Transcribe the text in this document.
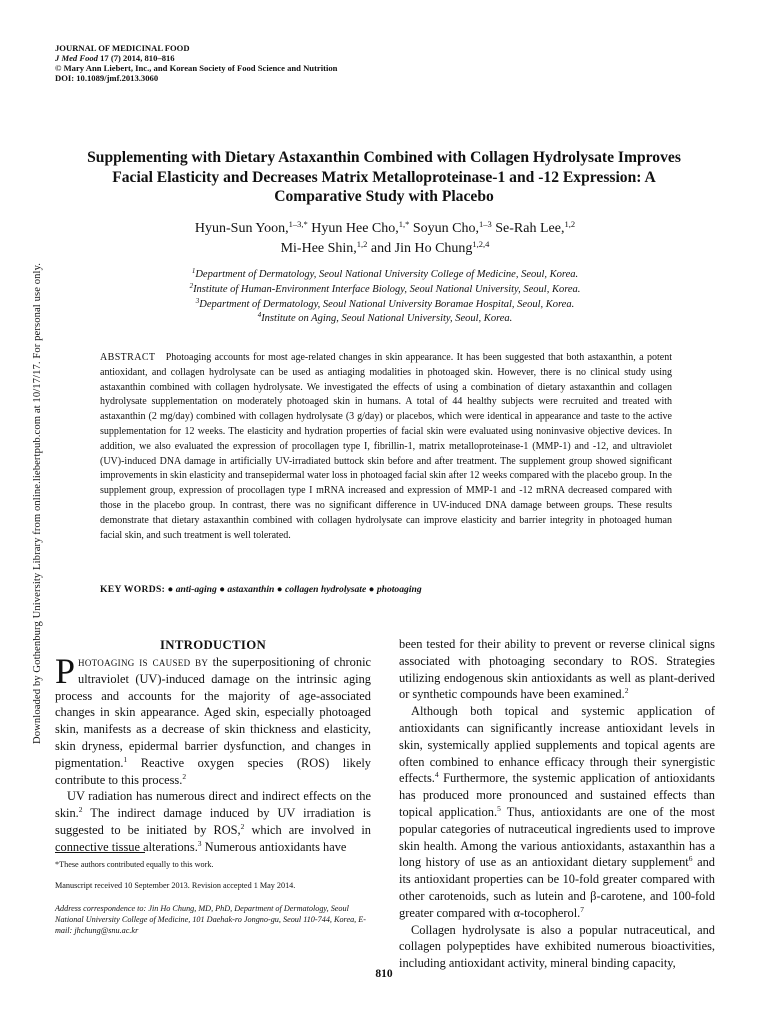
JOURNAL OF MEDICINAL FOOD
J Med Food 17 (7) 2014, 810–816
© Mary Ann Liebert, Inc., and Korean Society of Food Science and Nutrition
DOI: 10.1089/jmf.2013.3060
Downloaded by Gothenburg University Library from online.liebertpub.com at 10/17/17. For personal use only.
Supplementing with Dietary Astaxanthin Combined with Collagen Hydrolysate Improves Facial Elasticity and Decreases Matrix Metalloproteinase-1 and -12 Expression: A Comparative Study with Placebo
Hyun-Sun Yoon,$^{1-3,*}$ Hyun Hee Cho,$^{1,*}$ Soyun Cho,$^{1-3}$ Se-Rah Lee,$^{1,2}$
Mi-Hee Shin,$^{1,2}$ and Jin Ho Chung$^{1,2,4}$
$^1$Department of Dermatology, Seoul National University College of Medicine, Seoul, Korea.
$^2$Institute of Human-Environment Interface Biology, Seoul National University, Seoul, Korea.
$^3$Department of Dermatology, Seoul National University Boramae Hospital, Seoul, Korea.
$^4$Institute on Aging, Seoul National University, Seoul, Korea.
ABSTRACT Photoaging accounts for most age-related changes in skin appearance. It has been suggested that both astaxanthin, a potent antioxidant, and collagen hydrolysate can be used as antiaging modalities in photoaged skin. However, there is no clinical study using astaxanthin combined with collagen hydrolysate. We investigated the effects of using a combination of dietary astaxanthin and collagen hydrolysate supplementation on moderately photoaged skin in humans. A total of 44 healthy subjects were recruited and treated with astaxanthin (2 mg/day) combined with collagen hydrolysate (3 g/day) or placebos, which were identical in appearance and taste to the active supplementation for 12 weeks. The elasticity and hydration properties of facial skin were evaluated using noninvasive objective devices. In addition, we also evaluated the expression of procollagen type I, fibrillin-1, matrix metalloproteinase-1 (MMP-1) and -12, and ultraviolet (UV)-induced DNA damage in artificially UV-irradiated buttock skin before and after treatment. The supplement group showed significant improvements in skin elasticity and transepidermal water loss in photoaged facial skin after 12 weeks compared with the placebo group. In the supplement group, expression of procollagen type I mRNA increased and expression of MMP-1 and -12 mRNA decreased compared with those in the placebo group. In contrast, there was no significant difference in UV-induced DNA damage between groups. These results demonstrate that dietary astaxanthin combined with collagen hydrolysate can improve elasticity and barrier integrity in photoaged human facial skin, and such treatment is well tolerated.
KEY WORDS: ● anti-aging ● astaxanthin ● collagen hydrolysate ● photoaging
INTRODUCTION

Photoaging is caused by the superpositioning of chronic ultraviolet (UV)-induced damage on the intrinsic aging process and accounts for the majority of age-associated changes in skin appearance. Aged skin, especially photoaged skin, manifests as a decrease of skin thickness and elasticity, skin dryness, epidermal barrier dysfunction, and changes in pigmentation.$^1$ Reactive oxygen species (ROS) likely contribute to this process.$^2$

UV radiation has numerous direct and indirect effects on the skin.$^2$ The indirect damage induced by UV irradiation is suggested to be initiated by ROS,$^2$ which are involved in connective tissue alterations.$^3$ Numerous antioxidants have

*These authors contributed equally to this work.
Manuscript received 10 September 2013. Revision accepted 1 May 2014.
Address correspondence to: Jin Ho Chung, MD, PhD, Department of Dermatology, Seoul National University College of Medicine, 101 Daehak-ro Jongno-gu, Seoul 110-744, Korea, E-mail: jhchung@snu.ac.kr

been tested for their ability to prevent or reverse clinical signs associated with photoaging secondary to ROS. Strategies utilizing endogenous skin antioxidants as well as plant-derived or synthetic compounds have been examined.$^2$

Although both topical and systemic application of antioxidants can significantly increase antioxidant levels in skin, systemically applied supplements and topical agents are often combined to enhance efficacy through their synergistic effects.$^4$ Furthermore, the systemic application of antioxidants has produced more pronounced and sustained effects than topical application.$^5$ Thus, antioxidants are one of the most popular categories of nutraceutical ingredients used to improve skin health. Among the various antioxidants, astaxanthin has a long history of use as an antioxidant dietary supplement$^6$ and its antioxidant properties can be 10-fold greater compared with other carotenoids, such as lutein and β-carotene, and 100-fold greater compared with α-tocopherol.$^7$

Collagen hydrolysate is also a popular nutraceutical, and collagen polypeptides have exhibited numerous bioactivities, including antioxidant activity, mineral binding capacity,

810
